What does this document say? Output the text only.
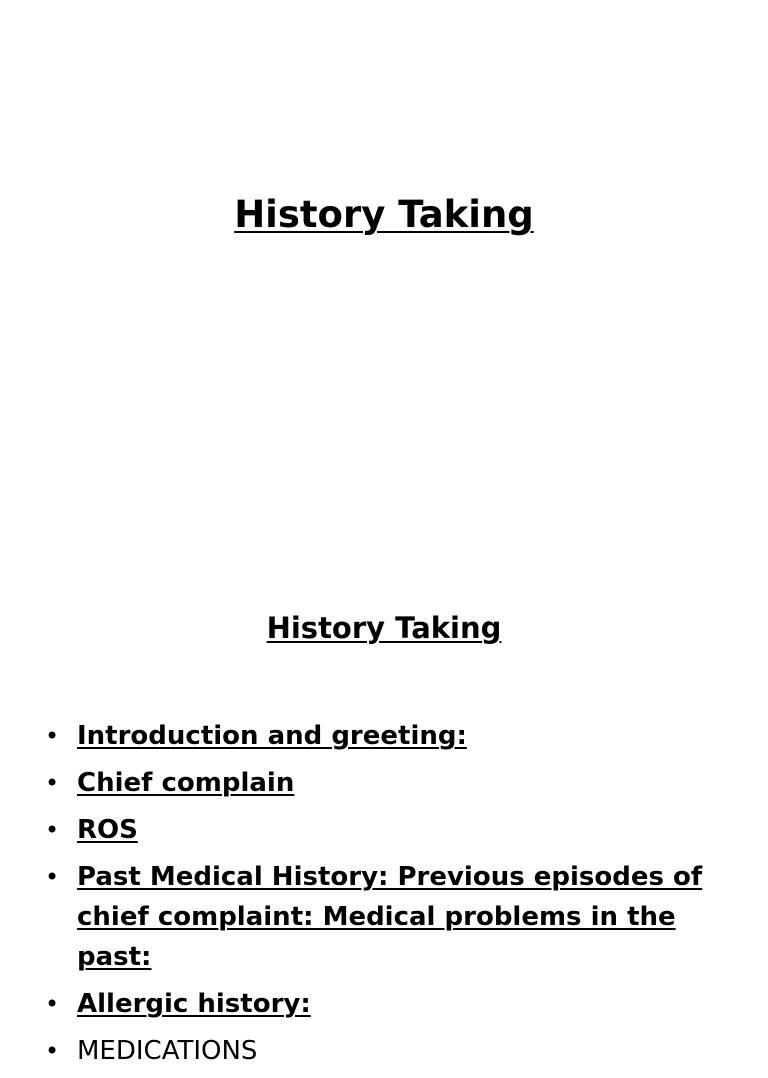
History Taking
History Taking
• Introduction and greeting:
• Chief complain
• ROS
• Past Medical History: Previous episodes of chief complaint: Medical problems in the past:
• Allergic history:
• MEDICATIONS
